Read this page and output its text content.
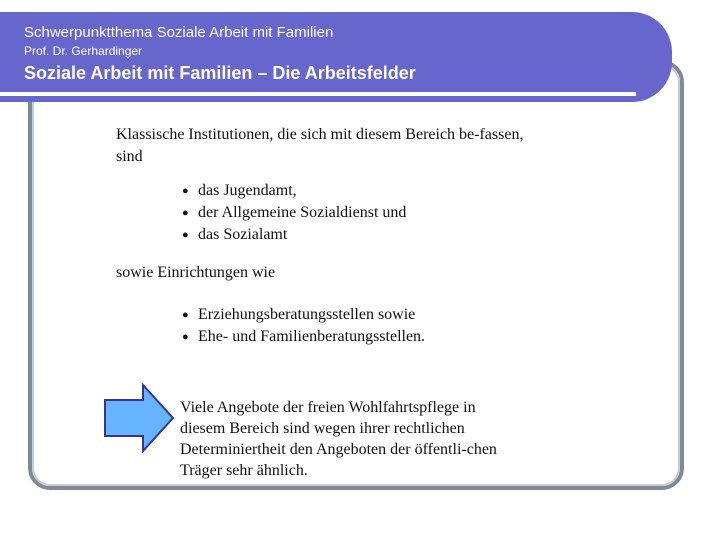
Schwerpunktthema Soziale Arbeit mit Familien
Prof. Dr. Gerhardinger
Soziale Arbeit mit Familien – Die Arbeitsfelder

Klassische Institutionen, die sich mit diesem Bereich be-fassen, sind

● das Jugendamt,
● der Allgemeine Sozialdienst und
● das Sozialamt

sowie Einrichtungen wie

● Erziehungsberatungsstellen sowie
● Ehe- und Familienberatungsstellen.
Viele Angebote der freien Wohlfahrtspflege in diesem Bereich sind wegen ihrer rechtlichen Determiniertheit den Angeboten der öffentli-chen Träger sehr ähnlich.
